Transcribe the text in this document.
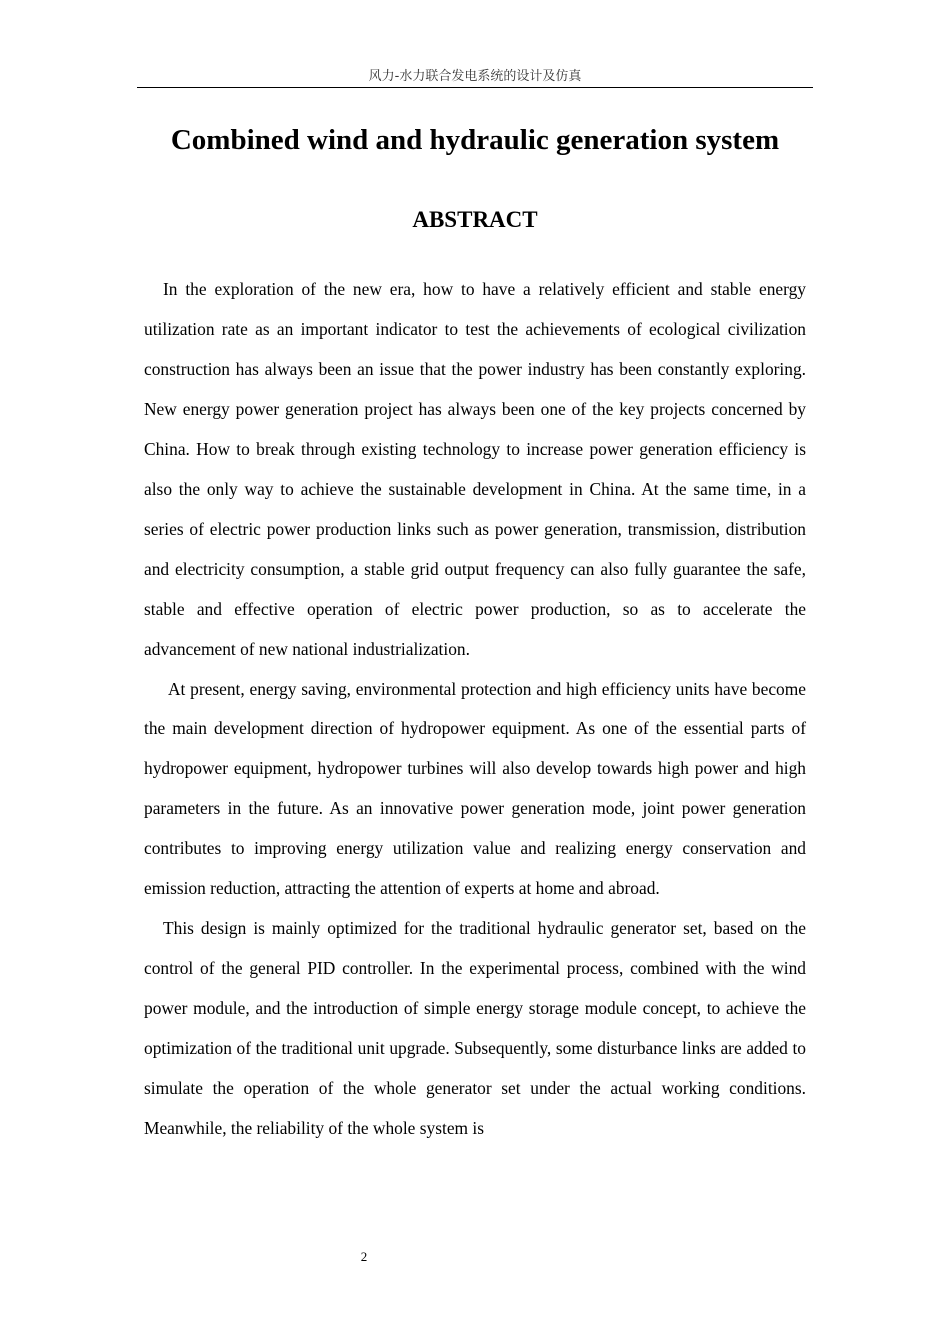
风力-水力联合发电系统的设计及仿真
Combined wind and hydraulic generation system
ABSTRACT

In the exploration of the new era, how to have a relatively efficient and stable energy utilization rate as an important indicator to test the achievements of ecological civilization construction has always been an issue that the power industry has been constantly exploring. New energy power generation project has always been one of the key projects concerned by China. How to break through existing technology to increase power generation efficiency is also the only way to achieve the sustainable development in China. At the same time, in a series of electric power production links such as power generation, transmission, distribution and electricity consumption, a stable grid output frequency can also fully guarantee the safe, stable and effective operation of electric power production, so as to accelerate the advancement of new national industrialization.

At present, energy saving, environmental protection and high efficiency units have become the main development direction of hydropower equipment. As one of the essential parts of hydropower equipment, hydropower turbines will also develop towards high power and high parameters in the future. As an innovative power generation mode, joint power generation contributes to improving energy utilization value and realizing energy conservation and emission reduction, attracting the attention of experts at home and abroad.

This design is mainly optimized for the traditional hydraulic generator set, based on the control of the general PID controller. In the experimental process, combined with the wind power module, and the introduction of simple energy storage module concept, to achieve the optimization of the traditional unit upgrade. Subsequently, some disturbance links are added to simulate the operation of the whole generator set under the actual working conditions. Meanwhile, the reliability of the whole system is

2
